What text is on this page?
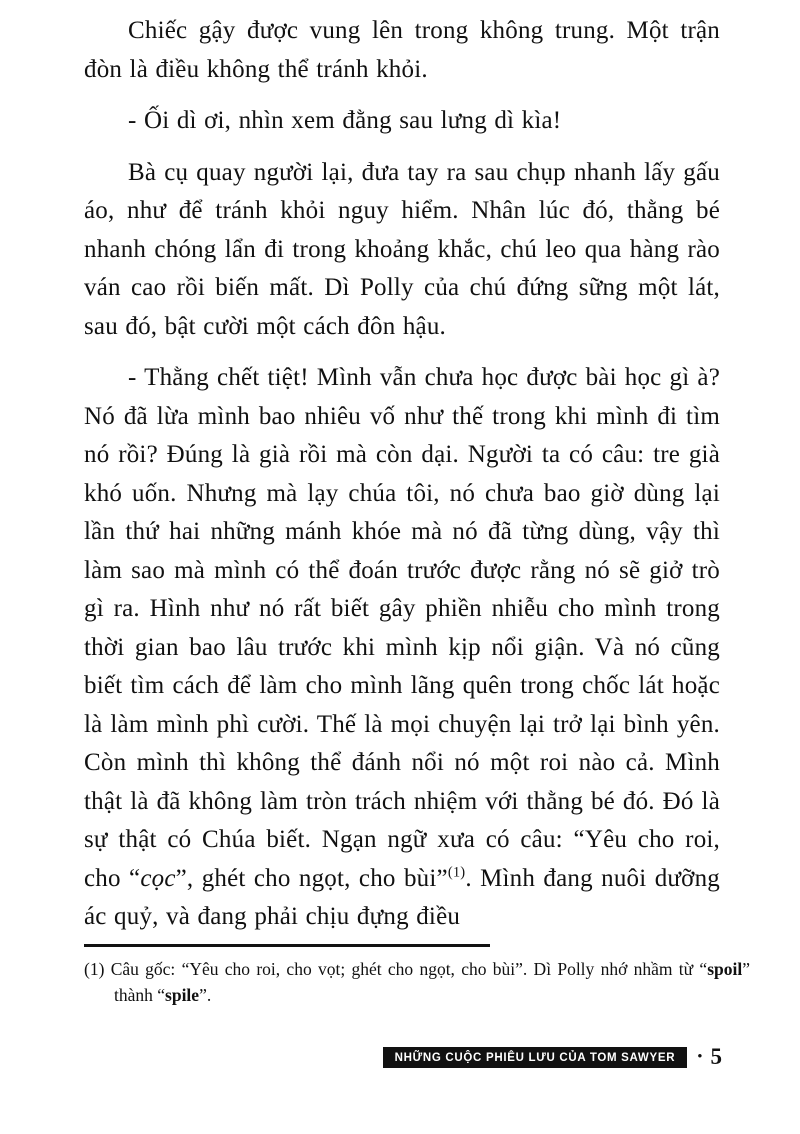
Chiếc gậy được vung lên trong không trung. Một trận đòn là điều không thể tránh khỏi.

- Ối dì ơi, nhìn xem đằng sau lưng dì kìa!

Bà cụ quay người lại, đưa tay ra sau chụp nhanh lấy gấu áo, như để tránh khỏi nguy hiểm. Nhân lúc đó, thằng bé nhanh chóng lẩn đi trong khoảng khắc, chú leo qua hàng rào ván cao rồi biến mất. Dì Polly của chú đứng sững một lát, sau đó, bật cười một cách đôn hậu.

- Thằng chết tiệt! Mình vẫn chưa học được bài học gì à? Nó đã lừa mình bao nhiêu vố như thế trong khi mình đi tìm nó rồi? Đúng là già rồi mà còn dại. Người ta có câu: tre già khó uốn. Nhưng mà lạy chúa tôi, nó chưa bao giờ dùng lại lần thứ hai những mánh khóe mà nó đã từng dùng, vậy thì làm sao mà mình có thể đoán trước được rằng nó sẽ giở trò gì ra. Hình như nó rất biết gây phiền nhiễu cho mình trong thời gian bao lâu trước khi mình kịp nổi giận. Và nó cũng biết tìm cách để làm cho mình lãng quên trong chốc lát hoặc là làm mình phì cười. Thế là mọi chuyện lại trở lại bình yên. Còn mình thì không thể đánh nổi nó một roi nào cả. Mình thật là đã không làm tròn trách nhiệm với thằng bé đó. Đó là sự thật có Chúa biết. Ngạn ngữ xưa có câu: “Yêu cho roi, cho “cọc”, ghét cho ngọt, cho bùi”$^{(1)}$. Mình đang nuôi dưỡng ác quỷ, và đang phải chịu đựng điều

(1) Câu gốc: “Yêu cho roi, cho vọt; ghét cho ngọt, cho bùi”. Dì Polly nhớ nhầm từ “spoil” thành “spile”.
NHỮNG CUỘC PHIÊU LƯU CỦA TOM SAWYER	• 5
